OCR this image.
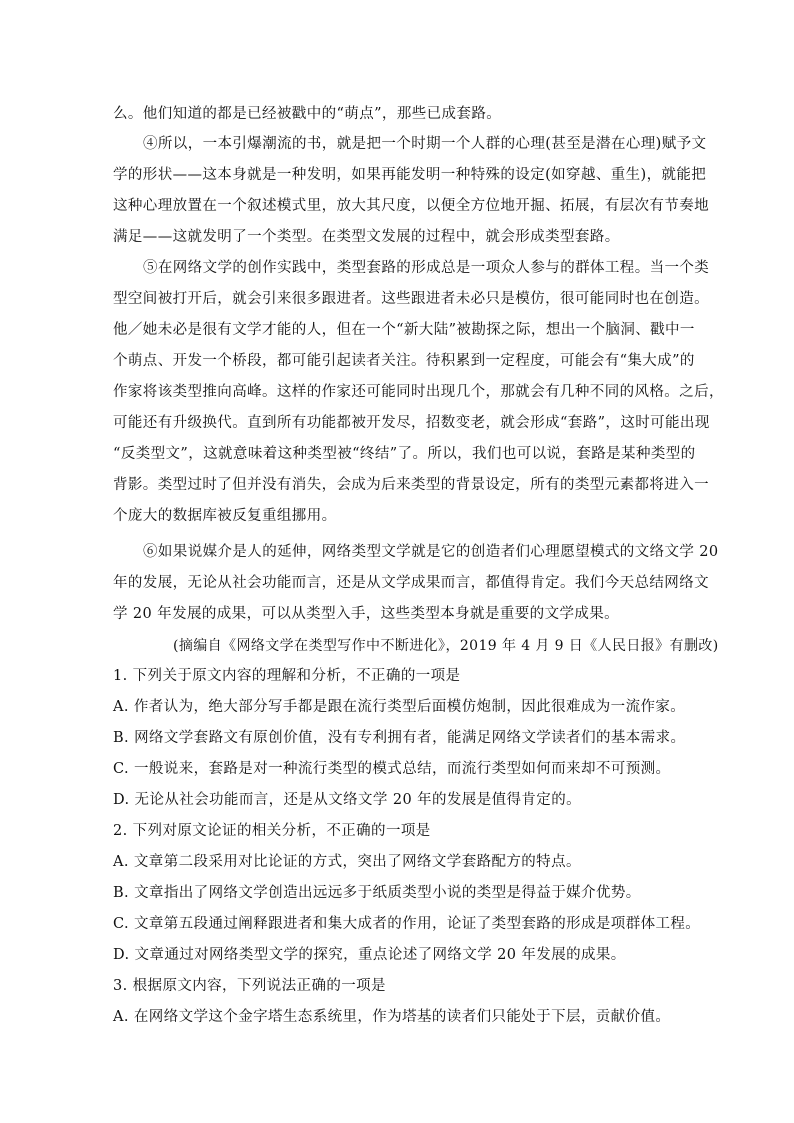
么。他们知道的都是已经被戳中的“萌点”，那些已成套路。

④所以，一本引爆潮流的书，就是把一个时期一个人群的心理(甚至是潜在心理)赋予文

学的形状——这本身就是一种发明，如果再能发明一种特殊的设定(如穿越、重生)，就能把

这种心理放置在一个叙述模式里，放大其尺度，以便全方位地开掘、拓展，有层次有节奏地

满足——这就发明了一个类型。在类型文发展的过程中，就会形成类型套路。

⑤在网络文学的创作实践中，类型套路的形成总是一项众人参与的群体工程。当一个类

型空间被打开后，就会引来很多跟进者。这些跟进者未必只是模仿，很可能同时也在创造。

他／她未必是很有文学才能的人，但在一个“新大陆”被勘探之际，想出一个脑洞、戳中一

个萌点、开发一个桥段，都可能引起读者关注。待积累到一定程度，可能会有“集大成”的

作家将该类型推向高峰。这样的作家还可能同时出现几个，那就会有几种不同的风格。之后，

可能还有升级换代。直到所有功能都被开发尽，招数变老，就会形成“套路”，这时可能出现

“反类型文”，这就意味着这种类型被“终结”了。所以，我们也可以说，套路是某种类型的

背影。类型过时了但并没有消失，会成为后来类型的背景设定，所有的类型元素都将进入一

个庞大的数据库被反复重组挪用。

⑥如果说媒介是人的延伸，网络类型文学就是它的创造者们心理愿望模式的文络文学 20

年的发展，无论从社会功能而言，还是从文学成果而言，都值得肯定。我们今天总结网络文

学 20 年发展的成果，可以从类型入手，这些类型本身就是重要的文学成果。

(摘编自《网络文学在类型写作中不断进化》，2019 年 4 月 9 日《人民日报》有删改)

1. 下列关于原文内容的理解和分析，不正确的一项是

A. 作者认为，绝大部分写手都是跟在流行类型后面模仿炮制，因此很难成为一流作家。

B. 网络文学套路文有原创价值，没有专利拥有者，能满足网络文学读者们的基本需求。

C. 一般说来，套路是对一种流行类型的模式总结，而流行类型如何而来却不可预测。

D. 无论从社会功能而言，还是从文络文学 20 年的发展是值得肯定的。

2. 下列对原文论证的相关分析，不正确的一项是

A. 文章第二段采用对比论证的方式，突出了网络文学套路配方的特点。

B. 文章指出了网络文学创造出远远多于纸质类型小说的类型是得益于媒介优势。

C. 文章第五段通过阐释跟进者和集大成者的作用，论证了类型套路的形成是项群体工程。

D. 文章通过对网络类型文学的探究，重点论述了网络文学 20 年发展的成果。

3. 根据原文内容，下列说法正确的一项是

A. 在网络文学这个金字塔生态系统里，作为塔基的读者们只能处于下层，贡献价值。
